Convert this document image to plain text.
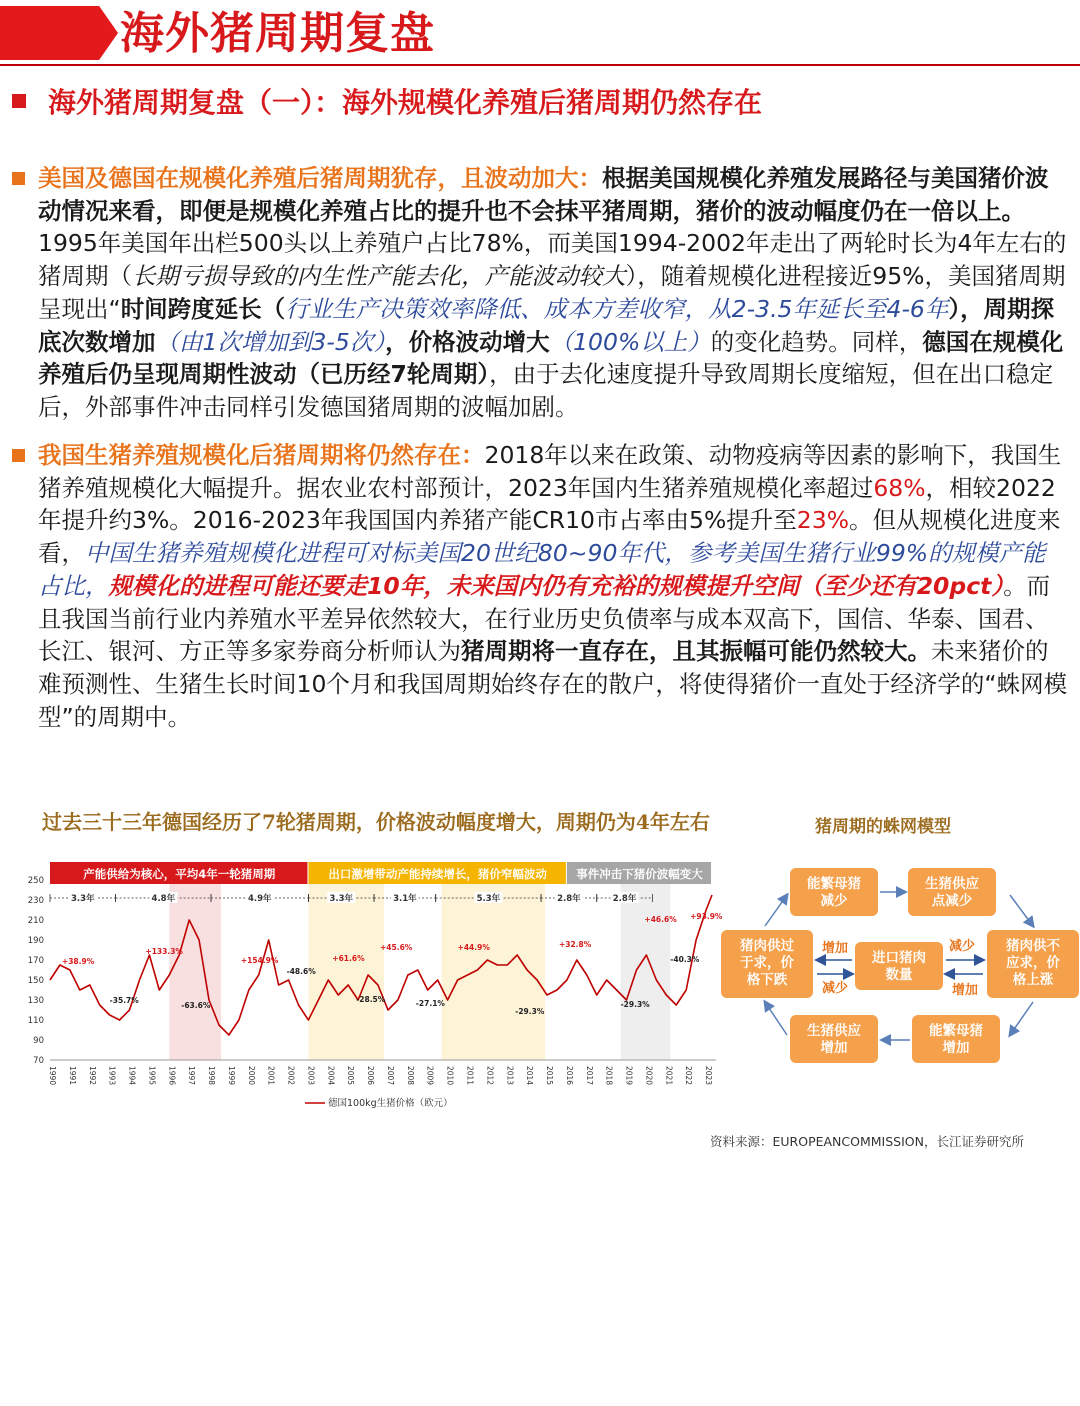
海外猪周期复盘
海外猪周期复盘（一）：海外规模化养殖后猪周期仍然存在
美国及德国在规模化养殖后猪周期犹存，且波动加大：根据美国规模化养殖发展路径与美国猪价波动情况来看，即便是规模化养殖占比的提升也不会抹平猪周期，猪价的波动幅度仍在一倍以上。1995年美国年出栏500头以上养殖户占比78%，而美国1994-2002年走出了两轮时长为4年左右的猪周期（长期亏损导致的内生性产能去化，产能波动较大），随着规模化进程接近95%，美国猪周期呈现出“时间跨度延长（行业生产决策效率降低、成本方差收窄，从2-3.5年延长至4-6年），周期探底次数增加（由1次增加到3-5次），价格波动增大（100%以上）的变化趋势。同样，德国在规模化养殖后仍呈现周期性波动（已历经7轮周期），由于去化速度提升导致周期长度缩短，但在出口稳定后，外部事件冲击同样引发德国猪周期的波幅加剧。
我国生猪养殖规模化后猪周期将仍然存在：2018年以来在政策、动物疫病等因素的影响下，我国生猪养殖规模化大幅提升。据农业农村部预计，2023年国内生猪养殖规模化率超过68%，相较2022年提升约3%。2016-2023年我国国内养猪产能CR10市占率由5%提升至23%。但从规模化进度来看，中国生猪养殖规模化进程可对标美国20世纪80~90年代，参考美国生猪行业99%的规模产能占比，规模化的进程可能还要走10年，未来国内仍有充裕的规模提升空间（至少还有20pct）。而且我国当前行业内养殖水平差异依然较大，在行业历史负债率与成本双高下，国信、华泰、国君、长江、银河、方正等多家券商分析师认为猪周期将一直存在，且其振幅可能仍然较大。未来猪价的难预测性、生猪生长时间10个月和我国周期始终存在的散户，将使得猪价一直处于经济学的“蛛网模型”的周期中。
过去三十三年德国经历了7轮猪周期，价格波动幅度增大，周期仍为4年左右
产能供给为核心，平均4年一轮猪周期	出口激增带动产能持续增长，猪价窄幅波动	事件冲击下猪价波幅变大
70
90
110
130
150
170
190
210
230
250
3.3年	4.8年	4.9年	3.3年	3.1年	5.3年	2.8年	2.8年
+38.9%
-35.7%
+133.3%
-63.6%
+154.9%
-48.6%
+61.6%
-28.5%
+45.6%
-27.1%
+44.9%
-29.3%
+32.8%
-29.3%
+46.6%
-40.3%
+93.9%
1990 1991 1992 1993 1994 1995 1996 1997 1998 1999 2000 2001 2002 2003 2004 2005 2006 2007 2008 2009 2010 2011 2012 2013 2014 2015 2016 2017 2018 2019 2020 2021 2022 2023
德国100kg生猪价格（欧元）
猪周期的蛛网模型
能繁母猪减少
生猪供应点减少
猪肉供过于求，价格下跌
进口猪肉数量
猪肉供不应求，价格上涨
生猪供应增加
能繁母猪增加
增加
减少
减少
增加
资料来源：EUROPEANCOMMISSION，长江证券研究所
